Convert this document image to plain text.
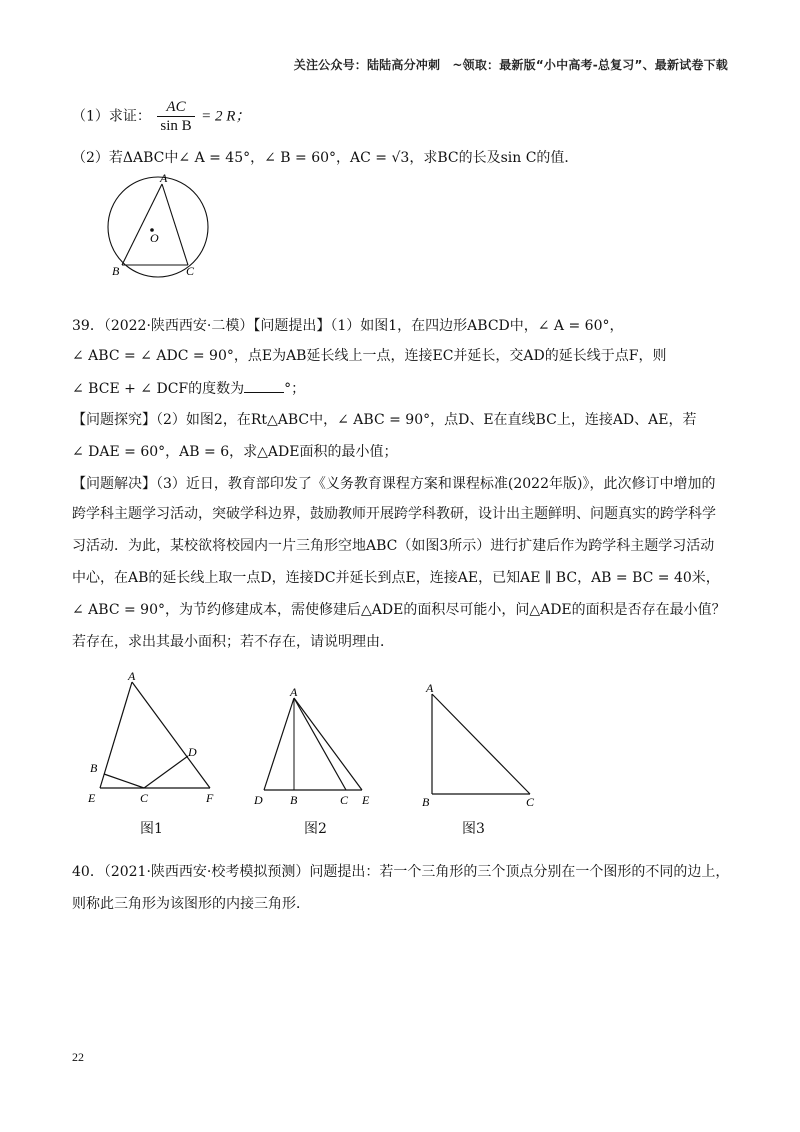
关注公众号：陆陆高分冲刺　~领取：最新版“小中高考-总复习”、最新试卷下载
（1）求证： $\frac{AC}{\text{sin B}} = 2$ R；
（2）若ΔABC中∠ A = 45°，∠ B = 60°，AC = √3，求BC的长及sin C的值．
A
O
B	C
39．（2022·陕西西安·二模）【问题提出】（1）如图1，在四边形ABCD中，∠ A = 60°，
∠ ABC = ∠ ADC = 90°，点E为AB延长线上一点，连接EC并延长，交AD的延长线于点F，则
∠ BCE + ∠ DCF的度数为	°；
【问题探究】（2）如图2，在Rt△ABC中，∠ ABC = 90°，点D、E在直线BC上，连接AD、AE，若
∠ DAE = 60°，AB = 6，求△ADE面积的最小值；
【问题解决】（3）近日，教育部印发了《义务教育课程方案和课程标准(2022年版)》，此次修订中增加的
跨学科主题学习活动，突破学科边界，鼓励教师开展跨学科教研，设计出主题鲜明、问题真实的跨学科学
习活动．为此，某校欲将校园内一片三角形空地ABC（如图3所示）进行扩建后作为跨学科主题学习活动
中心，在AB的延长线上取一点D，连接DC并延长到点E，连接AE，已知AE ∥ BC，AB = BC = 40米，
∠ ABC = 90°，为节约修建成本，需使修建后△ADE的面积尽可能小，问△ADE的面积是否存在最小值？
若存在，求出其最小面积；若不存在，请说明理由．
A
B
D
E	C	F
图1
A
D B	C E
图2
A
B	C
图3
40．（2021·陕西西安·校考模拟预测）问题提出：若一个三角形的三个顶点分别在一个图形的不同的边上，
则称此三角形为该图形的内接三角形．
22
